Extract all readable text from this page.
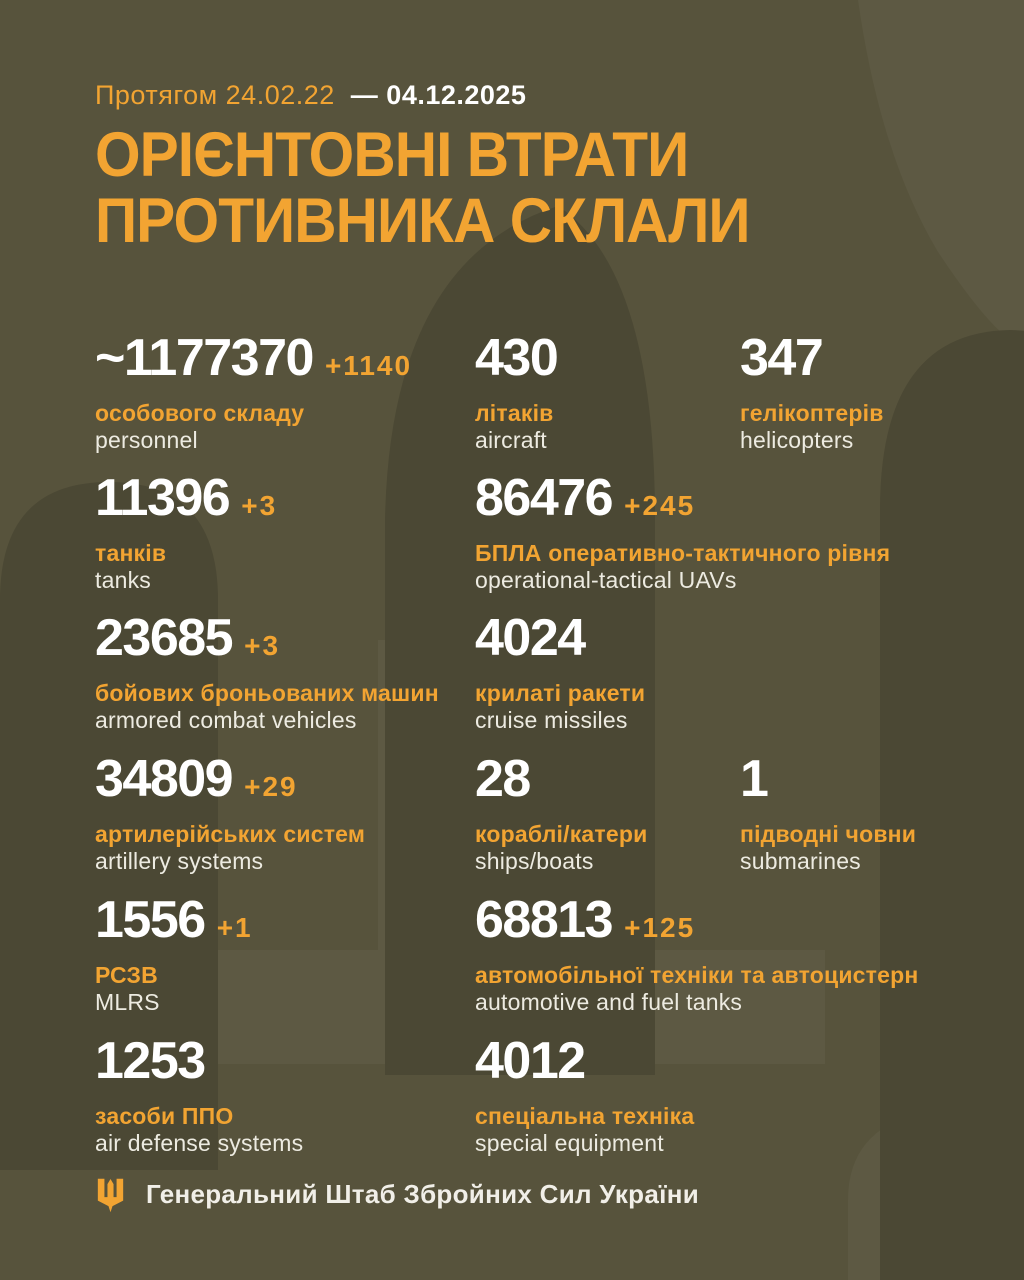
Протягом 24.02.22 — 04.12.2025
ОРІЄНТОВНІ ВТРАТИ
ПРОТИВНИКА СКЛАЛИ
~1177370 +1140
особового складу
personnel
430
літаків
aircraft
347
гелікоптерів
helicopters
11396 +3
танків
tanks
86476 +245
БПЛА оперативно-тактичного рівня
operational-tactical UAVs
23685 +3
бойових броньованих машин
armored combat vehicles
4024
крилаті ракети
cruise missiles
34809 +29
артилерійських систем
artillery systems
28
кораблі/катери
ships/boats
1
підводні човни
submarines
1556 +1
РСЗВ
MLRS
68813 +125
автомобільної техніки та автоцистерн
automotive and fuel tanks
1253
засоби ППО
air defense systems
4012
спеціальна техніка
special equipment
Генеральний Штаб Збройних Сил України
